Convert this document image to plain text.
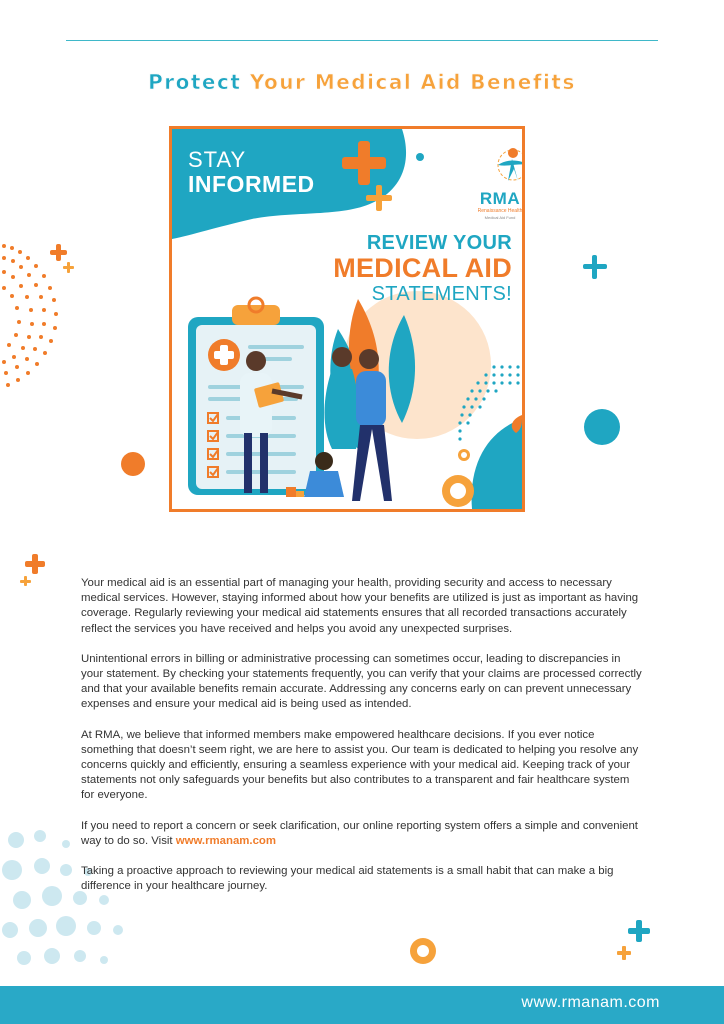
Protect Your Medical Aid Benefits
STAY
INFORMED
RMA
Renaissance Health
Medical Aid Fund
REVIEW YOUR
MEDICAL AID
STATEMENTS!

Your medical aid is an essential part of managing your health, providing security and access to necessary medical services. However, staying informed about how your benefits are utilized is just as important as having coverage. Regularly reviewing your medical aid statements ensures that all recorded transactions accurately reflect the services you have received and helps you avoid any unexpected surprises.

Unintentional errors in billing or administrative processing can sometimes occur, leading to discrepancies in your statement. By checking your statements frequently, you can verify that your claims are processed correctly and that your available benefits remain accurate. Addressing any concerns early on can prevent unnecessary expenses and ensure your medical aid is being used as intended.

At RMA, we believe that informed members make empowered healthcare decisions. If you ever notice something that doesn’t seem right, we are here to assist you. Our team is dedicated to helping you resolve any concerns quickly and efficiently, ensuring a seamless experience with your medical aid. Keeping track of your statements not only safeguards your benefits but also contributes to a transparent and fair healthcare system for everyone.

If you need to report a concern or seek clarification, our online reporting system offers a simple and convenient way to do so. Visit www.rmanam.com

Taking a proactive approach to reviewing your medical aid statements is a small habit that can make a big difference in your healthcare journey.

www.rmanam.com
